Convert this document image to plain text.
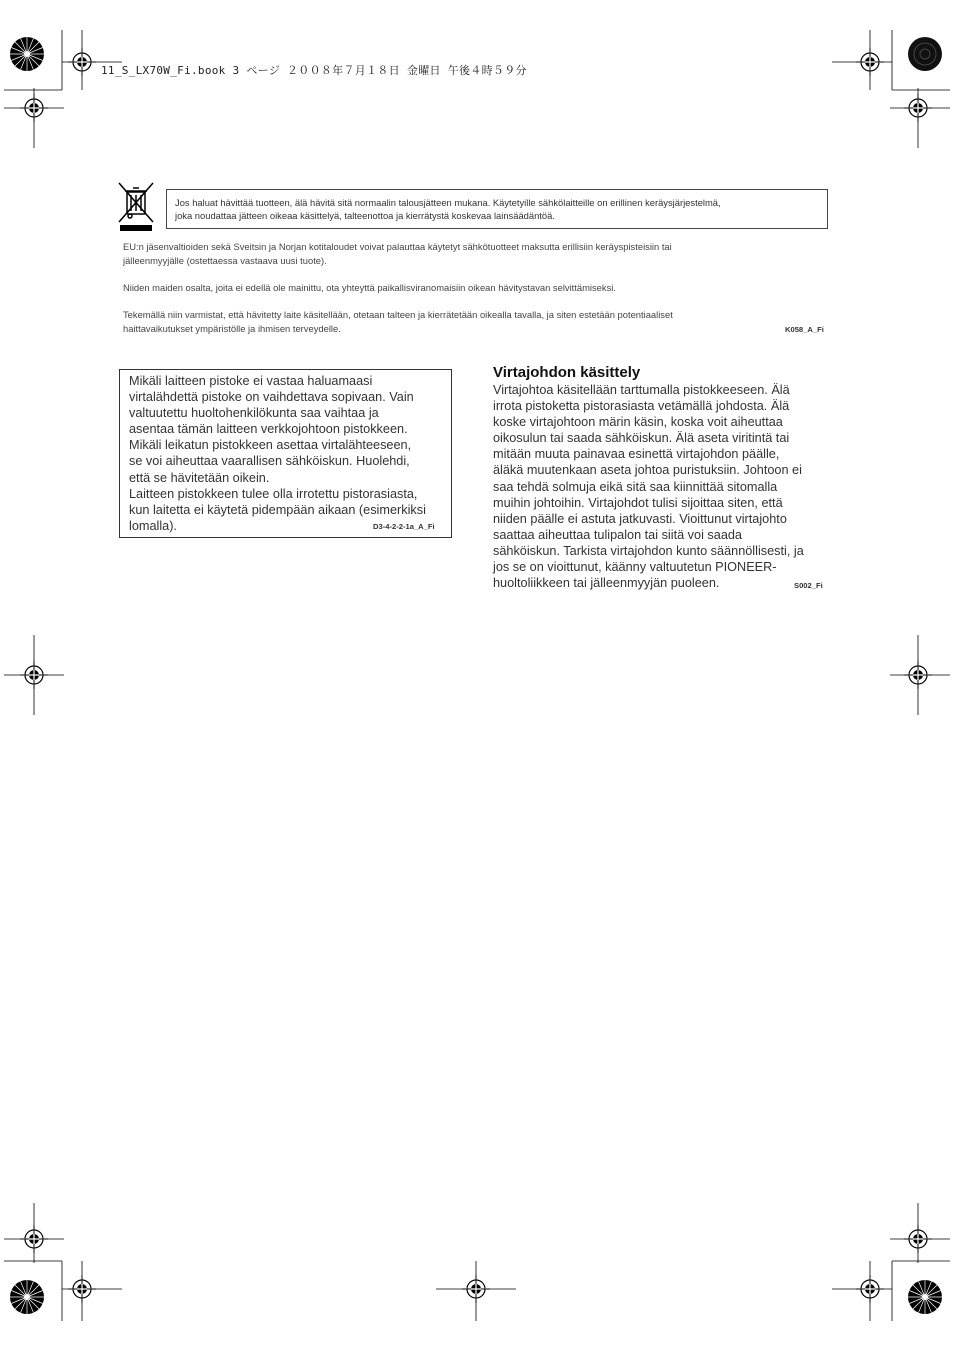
11_S_LX70W_Fi.book 3 ページ ２００８年７月１８日 金曜日 午後４時５９分
Jos haluat hävittää tuotteen, älä hävitä sitä normaalin talousjätteen mukana. Käytetyille sähkölaitteille on erillinen keräysjärjestelmä,
joka noudattaa jätteen oikeaa käsittelyä, talteenottoa ja kierrätystä koskevaa lainsäädäntöä.
EU:n jäsenvaltioiden sekä Sveitsin ja Norjan kotitaloudet voivat palauttaa käytetyt sähkötuotteet maksutta erillisiin keräyspisteisiin tai
jälleenmyyjälle (ostettaessa vastaava uusi tuote).
Niiden maiden osalta, joita ei edellä ole mainittu, ota yhteyttä paikallisviranomaisiin oikean hävitystavan selvittämiseksi.
Tekemällä niin varmistat, että hävitetty laite käsitellään, otetaan talteen ja kierrätetään oikealla tavalla, ja siten estetään potentiaaliset
haittavaikutukset ympäristölle ja ihmisen terveydelle.	K058_A_Fi

Mikäli laitteen pistoke ei vastaa haluamaasi

virtalähdettä pistoke on vaihdettava sopivaan. Vain

valtuutettu huoltohenkilökunta saa vaihtaa ja

asentaa tämän laitteen verkkojohtoon pistokkeen.

Mikäli leikatun pistokkeen asettaa virtalähteeseen,

se voi aiheuttaa vaarallisen sähköiskun. Huolehdi,

että se hävitetään oikein.

Laitteen pistokkeen tulee olla irrotettu pistorasiasta,

kun laitetta ei käytetä pidempään aikaan (esimerkiksi

lomalla).	D3-4-2-2-1a_A_Fi
Virtajohdon käsittely
Virtajohtoa käsitellään tarttumalla pistokkeeseen. Älä
irrota pistoketta pistorasiasta vetämällä johdosta. Älä
koske virtajohtoon märin käsin, koska voit aiheuttaa
oikosulun tai saada sähköiskun. Älä aseta viritintä tai
mitään muuta painavaa esinettä virtajohdon päälle,
äläkä muutenkaan aseta johtoa puristuksiin. Johtoon ei
saa tehdä solmuja eikä sitä saa kiinnittää sitomalla
muihin johtoihin. Virtajohdot tulisi sijoittaa siten, että
niiden päälle ei astuta jatkuvasti. Vioittunut virtajohto
saattaa aiheuttaa tulipalon tai siitä voi saada
sähköiskun. Tarkista virtajohdon kunto säännöllisesti, ja
jos se on vioittunut, käänny valtuutetun PIONEER-
huoltoliikkeen tai jälleenmyyjän puoleen.	S002_Fi
